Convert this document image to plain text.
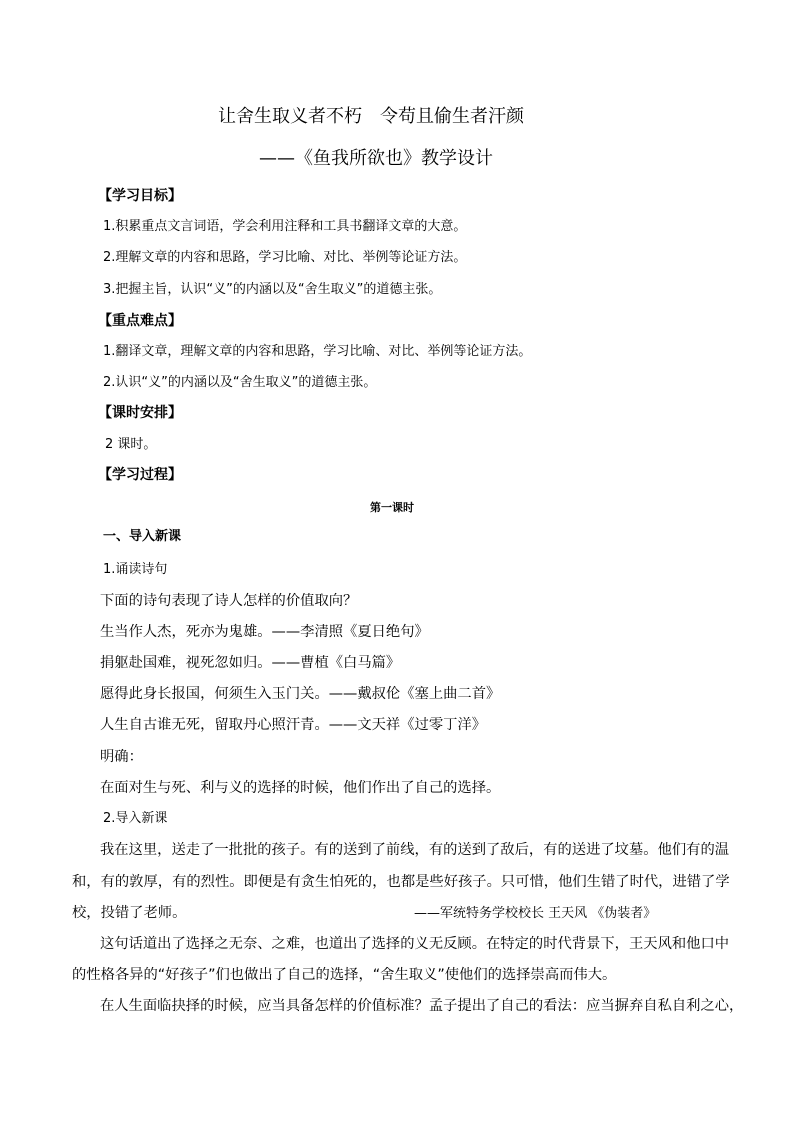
让舍生取义者不朽　令苟且偷生者汗颜
——《鱼我所欲也》教学设计
【学习目标】
1.积累重点文言词语，学会利用注释和工具书翻译文章的大意。
2.理解文章的内容和思路，学习比喻、对比、举例等论证方法。
3.把握主旨，认识“义”的内涵以及“舍生取义”的道德主张。
【重点难点】
1.翻译文章，理解文章的内容和思路，学习比喻、对比、举例等论证方法。
2.认识“义”的内涵以及“舍生取义”的道德主张。
【课时安排】
2 课时。
【学习过程】
第一课时
一、导入新课
1.诵读诗句
下面的诗句表现了诗人怎样的价值取向？
生当作人杰，死亦为鬼雄。——李清照《夏日绝句》
捐躯赴国难，视死忽如归。——曹植《白马篇》
愿得此身长报国，何须生入玉门关。——戴叔伦《塞上曲二首》
人生自古谁无死，留取丹心照汗青。——文天祥《过零丁洋》
明确：
在面对生与死、利与义的选择的时候，他们作出了自己的选择。
2.导入新课
我在这里，送走了一批批的孩子。有的送到了前线，有的送到了敌后，有的送进了坟墓。他们有的温
和，有的敦厚，有的烈性。即便是有贪生怕死的，也都是些好孩子。只可惜，他们生错了时代，进错了学
校，投错了老师。	——军统特务学校校长 王天风 《伪装者》
这句话道出了选择之无奈、之难，也道出了选择的义无反顾。在特定的时代背景下，王天风和他口中
的性格各异的“好孩子”们也做出了自己的选择，“舍生取义”使他们的选择崇高而伟大。
在人生面临抉择的时候，应当具备怎样的价值标准？孟子提出了自己的看法：应当摒弃自私自利之心，
